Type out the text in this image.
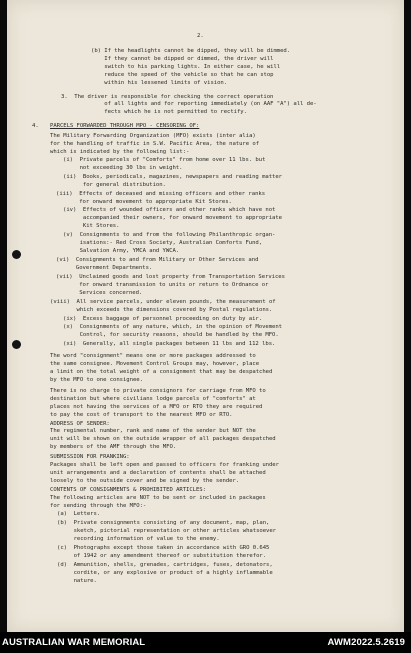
(b) If the headlights cannot be dipped, they will be dimmed.
If they cannot be dipped or dimmed, the driver will
switch to his parking lights. In either case, he will
reduce the speed of the vehicle so that he can stop
within his lessened limits of vision.
3.  The driver is responsible for checking the correct operation
of all lights and for reporting immediately (on AAF "A") all de-
fects which he is not permitted to rectify.
PARCELS FORWARDED THROUGH MPO - CENSORING OF:
The Military Forwarding Organization (MFO) exists (inter alia)
for the handling of traffic in S.W. Pacific Area, the nature of
which is indicated by the following list:-
(i)  Private parcels of "Comforts" from home over 11 lbs. but
not exceeding 30 lbs in weight.
(ii)  Books, periodicals, magazines, newspapers and reading matter
for general distribution.
(iii)  Effects of deceased and missing officers and other ranks
for onward movement to appropriate Kit Stores.
(iv)  Effects of wounded officers and other ranks which have not
accompanied their owners, for onward movement to appropriate
Kit Stores.
(v)  Consignments to and from the following Philanthropic organ-
isations:- Red Cross Society, Australian Comforts Fund,
Salvation Army, YMCA and YWCA.
(vi)  Consignments to and from Military or Other Services and
Government Departments.
(vii)  Unclaimed goods and lost property from Transportation Services
for onward transmission to units or return to Ordnance or
Services concerned.
(viii)  All service parcels, under eleven pounds, the measurement of
which exceeds the dimensions covered by Postal regulations.
(ix)  Excess baggage of personnel proceeding on duty by air.
(x)  Consignments of any nature, which, in the opinion of Movement
Control, for security reasons, should be handled by the MFO.
(xi)  Generally, all single packages between 11 lbs and 112 lbs.
The word "consignment" means one or more packages addressed to
the same consignee. Movement Control Groups may, however, place
a limit on the total weight of a consignment that may be despatched
by the MFO to one consignee.
There is no charge to private consignors for carriage from MFO to
destination but where civilians lodge parcels of "comforts" at
places not having the services of a MFO or RTO they are required
to pay the cost of transport to the nearest MFO or RTO.
ADDRESS OF SENDER:
The regimental number, rank and name of the sender but NOT the
unit will be shown on the outside wrapper of all packages despatched
by members of the AMF through the MFO.
SUBMISSION FOR FRANKING:
Packages shall be left open and passed to officers for franking under
unit arrangements and a declaration of contents shall be attached
loosely to the outside cover and be signed by the sender.
CONTENTS OF CONSIGNMENTS & PROHIBITED ARTICLES:
The following articles are NOT to be sent or included in packages
for sending through the MFO:-
(a)  Letters.
(b)  Private consignments consisting of any document, map, plan,
sketch, pictorial representation or other articles whatsoever
recording information of value to the enemy.
(c)  Photographs except those taken in accordance with GRO 0.645
of 1942 or any amendment thereof or substitution therefor.
(d)  Ammunition, shells, grenades, cartridges, fuses, detonators,
cordite, or any explosive or product of a highly inflammable
nature.
2.
4.
AUSTRALIAN WAR MEMORIAL	AWM2022.5.2619
